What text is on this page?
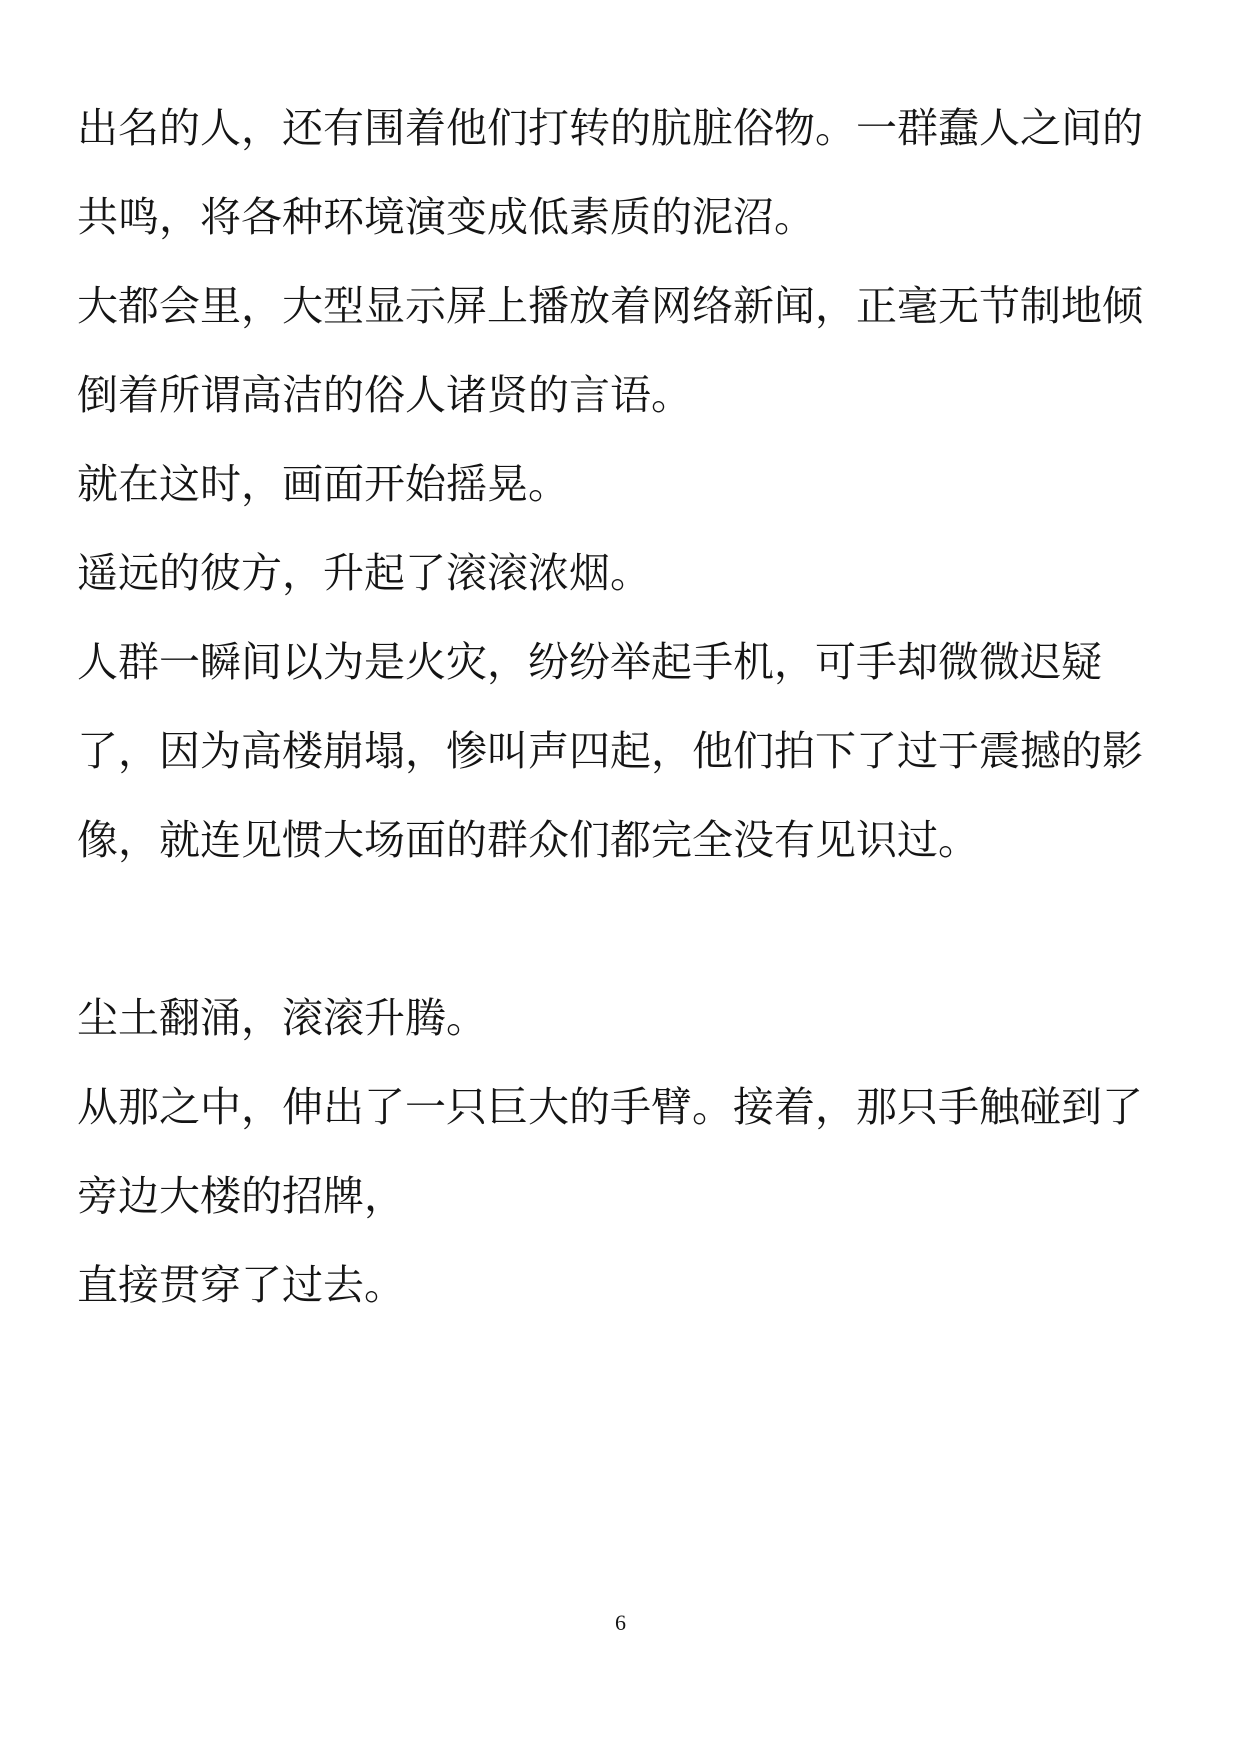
出名的人，还有围着他们打转的肮脏俗物。一群蠢人之间的
共鸣，将各种环境演变成低素质的泥沼。

大都会里，大型显示屏上播放着网络新闻，正毫无节制地倾
倒着所谓高洁的俗人诸贤的言语。

就在这时，画面开始摇晃。

遥远的彼方，升起了滚滚浓烟。

人群一瞬间以为是火灾，纷纷举起手机，可手却微微迟疑
了，因为高楼崩塌，惨叫声四起，他们拍下了过于震撼的影
像，就连见惯大场面的群众们都完全没有见识过。

尘土翻涌，滚滚升腾。

从那之中，伸出了一只巨大的手臂。接着，那只手触碰到了
旁边大楼的招牌，

直接贯穿了过去。

6
